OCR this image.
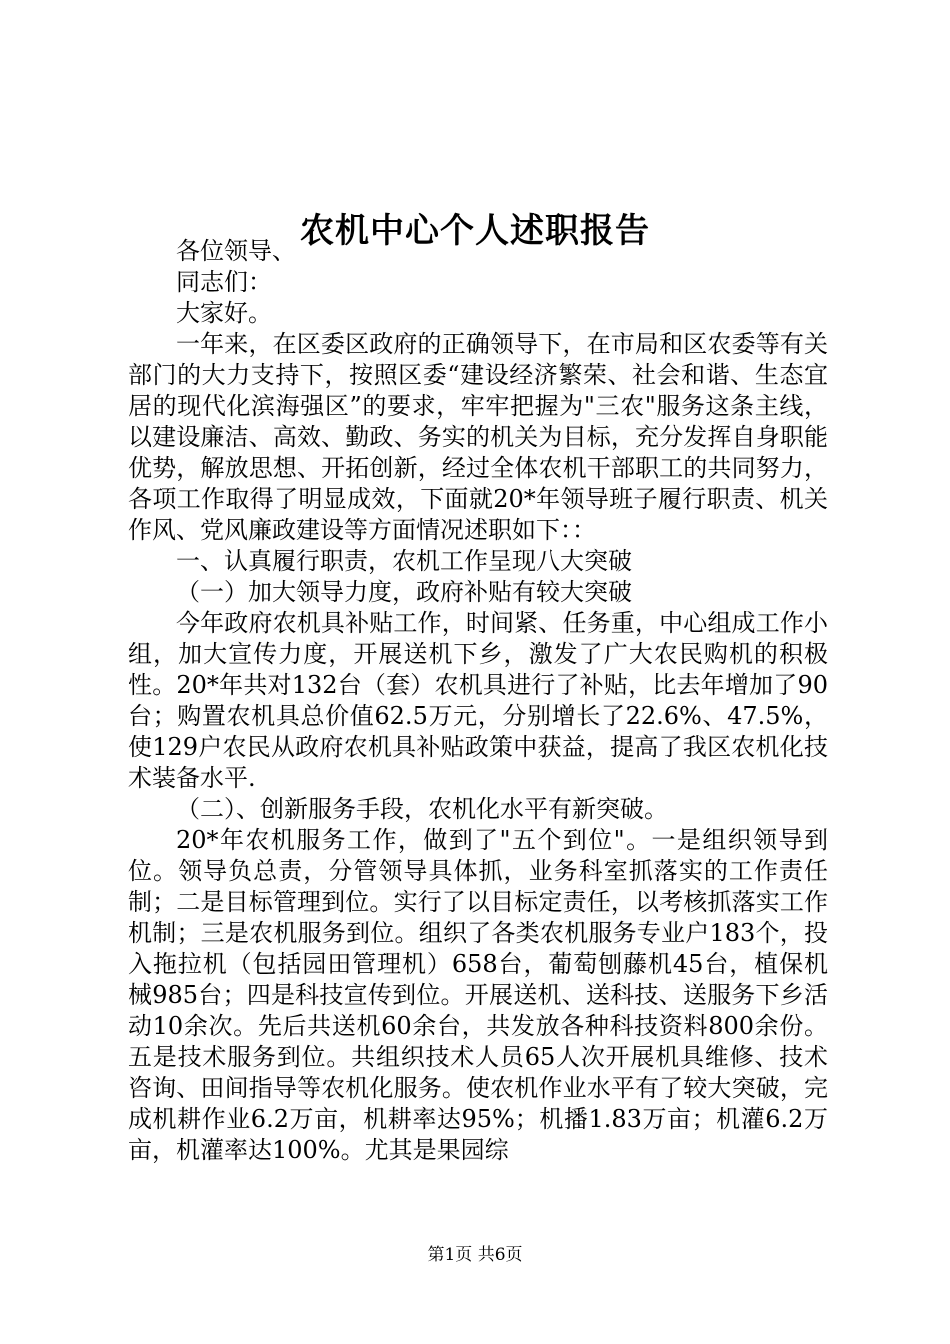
农机中心个人述职报告

各位领导、

同志们：

大家好。

一年来，在区委区政府的正确领导下，在市局和区农委等有关部门的大力支持下，按照区委“建设经济繁荣、社会和谐、生态宜居的现代化滨海强区”的要求，牢牢把握为"三农"服务这条主线，以建设廉洁、高效、勤政、务实的机关为目标，充分发挥自身职能优势，解放思想、开拓创新，经过全体农机干部职工的共同努力，各项工作取得了明显成效，下面就20*年领导班子履行职责、机关作风、党风廉政建设等方面情况述职如下：：

一、认真履行职责，农机工作呈现八大突破

（一）加大领导力度，政府补贴有较大突破

今年政府农机具补贴工作，时间紧、任务重，中心组成工作小组，加大宣传力度，开展送机下乡，激发了广大农民购机的积极性。20*年共对132台（套）农机具进行了补贴，比去年增加了90台；购置农机具总价值62.5万元，分别增长了22.6%、47.5%，使129户农民从政府农机具补贴政策中获益，提高了我区农机化技术装备水平.

（二）、创新服务手段，农机化水平有新突破。

20*年农机服务工作，做到了"五个到位"。一是组织领导到位。领导负总责，分管领导具体抓，业务科室抓落实的工作责任制；二是目标管理到位。实行了以目标定责任，以考核抓落实工作机制；三是农机服务到位。组织了各类农机服务专业户183个，投入拖拉机（包括园田管理机）658台，葡萄刨藤机45台，植保机械985台；四是科技宣传到位。开展送机、送科技、送服务下乡活动10余次。先后共送机60余台，共发放各种科技资料800余份。五是技术服务到位。共组织技术人员65人次开展机具维修、技术咨询、田间指导等农机化服务。使农机作业水平有了较大突破，完成机耕作业6.2万亩，机耕率达95%；机播1.83万亩；机灌6.2万亩，机灌率达100%。尤其是果园综

第1页 共6页
